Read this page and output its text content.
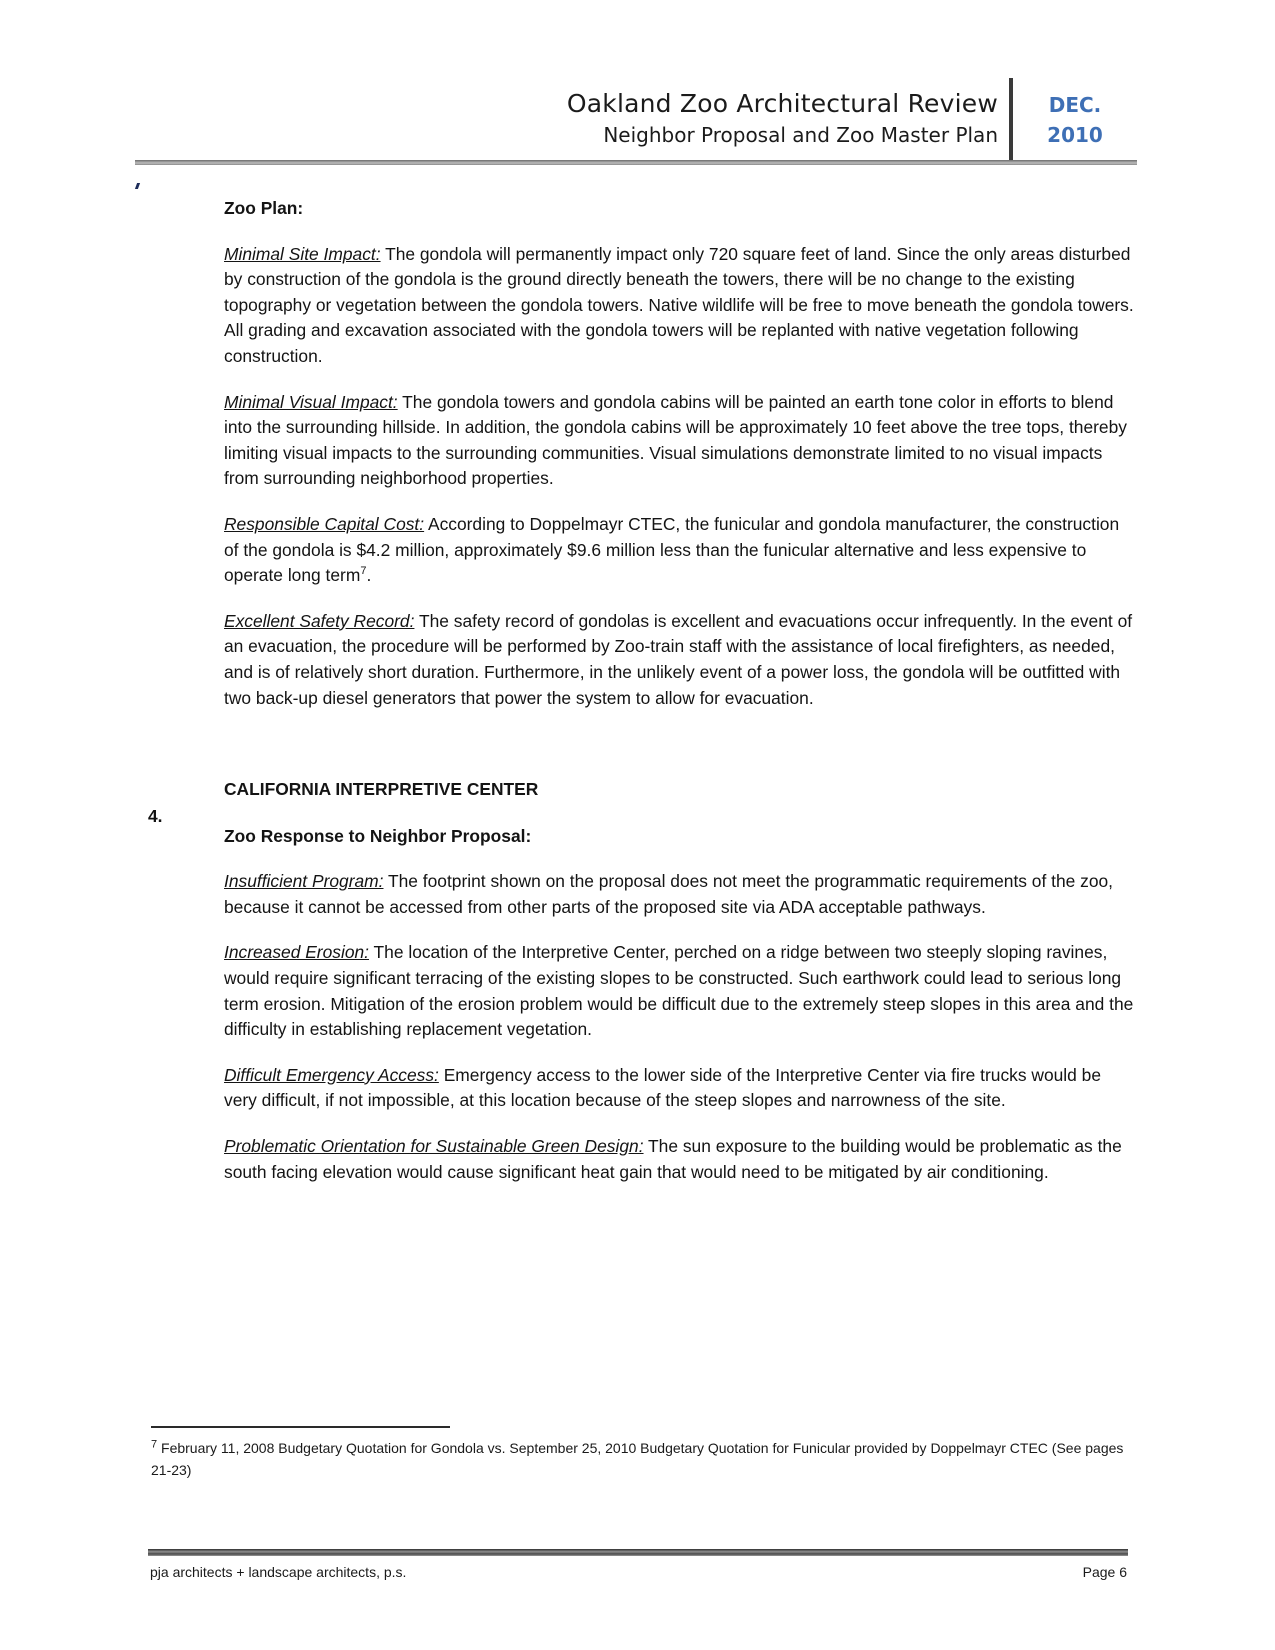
Oakland Zoo Architectural Review
Neighbor Proposal and Zoo Master Plan
DEC.
2010
4.

Zoo Plan:

Minimal Site Impact: The gondola will permanently impact only 720 square feet of land. Since the only areas disturbed by construction of the gondola is the ground directly beneath the towers, there will be no change to the existing topography or vegetation between the gondola towers. Native wildlife will be free to move beneath the gondola towers. All grading and excavation associated with the gondola towers will be replanted with native vegetation following construction.

Minimal Visual Impact: The gondola towers and gondola cabins will be painted an earth tone color in efforts to blend into the surrounding hillside. In addition, the gondola cabins will be approximately 10 feet above the tree tops, thereby limiting visual impacts to the surrounding communities. Visual simulations demonstrate limited to no visual impacts from surrounding neighborhood properties.

Responsible Capital Cost: According to Doppelmayr CTEC, the funicular and gondola manufacturer, the construction of the gondola is $4.2 million, approximately $9.6 million less than the funicular alternative and less expensive to operate long term$^7$.

Excellent Safety Record: The safety record of gondolas is excellent and evacuations occur infrequently. In the event of an evacuation, the procedure will be performed by Zoo-train staff with the assistance of local firefighters, as needed, and is of relatively short duration. Furthermore, in the unlikely event of a power loss, the gondola will be outfitted with two back-up diesel generators that power the system to allow for evacuation.

CALIFORNIA INTERPRETIVE CENTER

Zoo Response to Neighbor Proposal:

Insufficient Program: The footprint shown on the proposal does not meet the programmatic requirements of the zoo, because it cannot be accessed from other parts of the proposed site via ADA acceptable pathways.

Increased Erosion: The location of the Interpretive Center, perched on a ridge between two steeply sloping ravines, would require significant terracing of the existing slopes to be constructed. Such earthwork could lead to serious long term erosion. Mitigation of the erosion problem would be difficult due to the extremely steep slopes in this area and the difficulty in establishing replacement vegetation.

Difficult Emergency Access: Emergency access to the lower side of the Interpretive Center via fire trucks would be very difficult, if not impossible, at this location because of the steep slopes and narrowness of the site.

Problematic Orientation for Sustainable Green Design: The sun exposure to the building would be problematic as the south facing elevation would cause significant heat gain that would need to be mitigated by air conditioning.

$^7$ February 11, 2008 Budgetary Quotation for Gondola vs. September 25, 2010 Budgetary Quotation for Funicular provided by Doppelmayr CTEC (See pages 21-23)
pja architects + landscape architects, p.s.	Page 6
